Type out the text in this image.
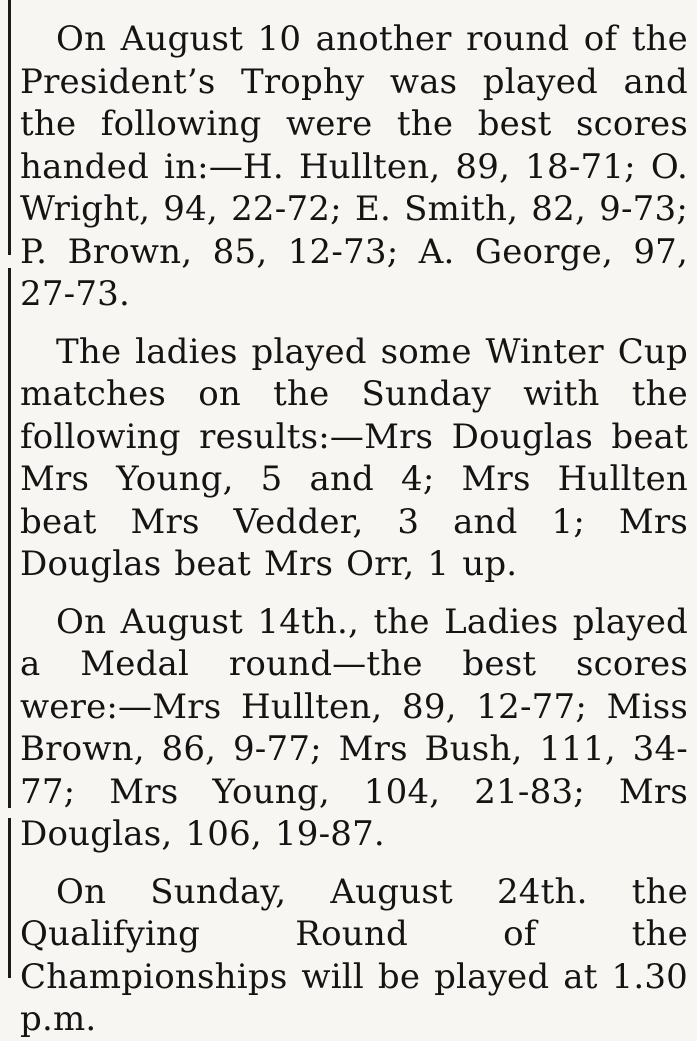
On August 10 another round of the President’s Trophy was played and the following were the best scores handed in:—H. Hullten, 89, 18-71; O. Wright, 94, 22-72; E. Smith, 82, 9-73; P. Brown, 85, 12-73; A. George, 97, 27-73.

The ladies played some Winter Cup matches on the Sunday with the following results:—Mrs Douglas beat Mrs Young, 5 and 4; Mrs Hullten beat Mrs Vedder, 3 and 1; Mrs Douglas beat Mrs Orr, 1 up.

On August 14th., the Ladies played a Medal round—the best scores were:—Mrs Hullten, 89, 12-77; Miss Brown, 86, 9-77; Mrs Bush, 111, 34-77; Mrs Young, 104, 21-83; Mrs Douglas, 106, 19-87.

On Sunday, August 24th. the Qualifying Round of the Championships will be played at 1.30 p.m.
